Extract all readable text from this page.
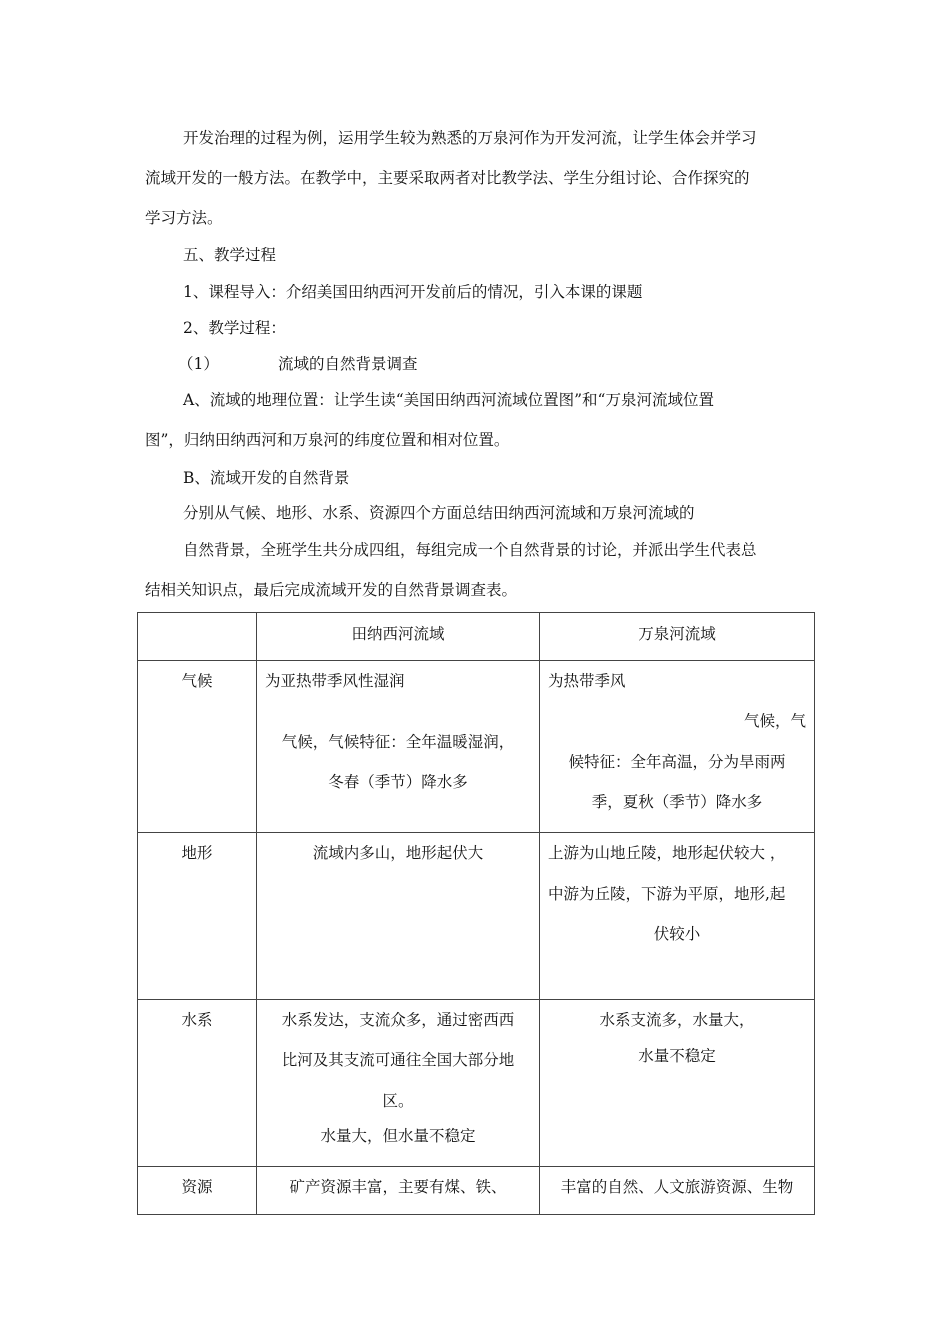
开发治理的过程为例，运用学生较为熟悉的万泉河作为开发河流，让学生体会并学习

流域开发的一般方法。在教学中，主要采取两者对比教学法、学生分组讨论、合作探究的

学习方法。

五、教学过程

1、课程导入：介绍美国田纳西河开发前后的情况，引入本课的课题

2、教学过程：

（1）	流域的自然背景调查

A、流域的地理位置：让学生读“美国田纳西河流域位置图”和“万泉河流域位置

图”，归纳田纳西河和万泉河的纬度位置和相对位置。

B、流域开发的自然背景

分别从气候、地形、水系、资源四个方面总结田纳西河流域和万泉河流域的

自然背景，全班学生共分成四组，每组完成一个自然背景的讨论，并派出学生代表总

结相关知识点，最后完成流域开发的自然背景调查表。

	田纳西河流域	万泉河流域
气候	为亚热带季风性湿润
气候，气候特征：全年温暖湿润，
冬春（季节）降水多	为热带季风
气候，气
候特征：全年高温，分为旱雨两
季，夏秋（季节）降水多

地形	流域内多山，地形起伏大	上游为山地丘陵，地形起伏较大 ，
中游为丘陵，下游为平原，地形,起
伏较小

水系	水系发达，支流众多，通过密西西
比河及其支流可通往全国大部分地
区。
水量大，但水量不稳定	水系支流多，水量大，
水量不稳定

资源	矿产资源丰富，主要有煤、铁、	丰富的自然、人文旅游资源、生物
